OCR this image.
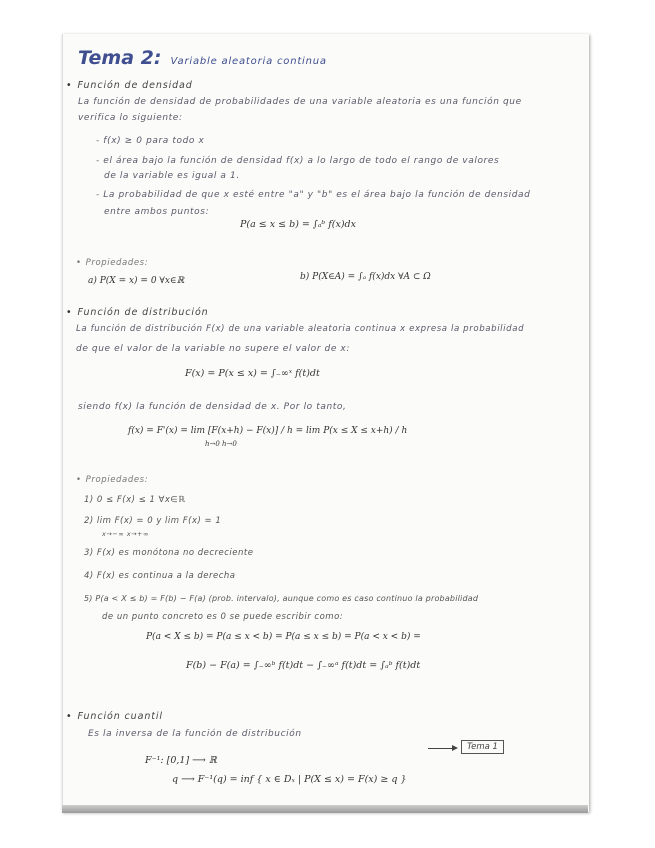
Tema 2: Variable aleatoria continua
• Función de densidad
La función de densidad de probabilidades de una variable aleatoria es una función que
verifica lo siguiente:
- f(x) ≥ 0 para todo x
- el área bajo la función de densidad f(x) a lo largo de todo el rango de valores
de la variable es igual a 1.
- La probabilidad de que x esté entre "a" y "b" es el área bajo la función de densidad
entre ambos puntos:
P(a ≤ x ≤ b) = ∫ₐᵇ f(x)dx
• Propiedades:
a) P(X = x) = 0 ∀x∈ℝ	b) P(X∈A) = ∫ₐ f(x)dx ∀A ⊂ Ω
• Función de distribución
La función de distribución F(x) de una variable aleatoria continua x expresa la probabilidad
de que el valor de la variable no supere el valor de x:
F(x) = P(x ≤ x) = ∫₋∞ˣ f(t)dt
siendo f(x) la función de densidad de x. Por lo tanto,
f(x) = F'(x) = lim [F(x+h) − F(x)] / h = lim P(x ≤ X ≤ x+h) / h
h→0 h→0
• Propiedades:
1) 0 ≤ F(x) ≤ 1 ∀x∈ℝ
2) lim F(x) = 0 y lim F(x) = 1
x→−∞ x→+∞
3) F(x) es monótona no decreciente
4) F(x) es continua a la derecha
5) P(a < X ≤ b) = F(b) − F(a) (prob. intervalo), aunque como es caso continuo la probabilidad
de un punto concreto es 0 se puede escribir como:
P(a < X ≤ b) = P(a ≤ x < b) = P(a ≤ x ≤ b) = P(a < x < b) =
F(b) − F(a) = ∫₋∞ᵇ f(t)dt − ∫₋∞ᵃ f(t)dt = ∫ₐᵇ f(t)dt
• Función cuantil
Es la inversa de la función de distribución
Tema 1
F⁻¹: [0,1] ⟶ ℝ
q ⟶ F⁻¹(q) = inf { x ∈ Dₓ | P(X ≤ x) = F(x) ≥ q }
